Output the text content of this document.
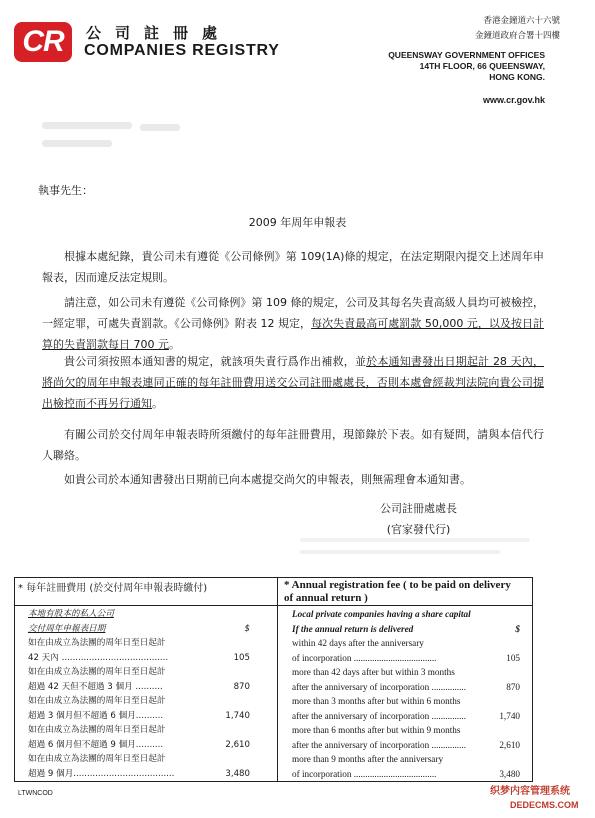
CR	公司註冊處
COMPANIES REGISTRY
香港金鐘道六十六號
金鐘道政府合署十四樓
QUEENSWAY GOVERNMENT OFFICES
14TH FLOOR, 66 QUEENSWAY,
HONG KONG.
www.cr.gov.hk
執事先生：
2009 年周年申報表
根據本處紀錄，貴公司未有遵從《公司條例》第 109(1A)條的規定，在法定期限內提交上述周年申報表，因而違反法定規則。
請注意，如公司未有遵從《公司條例》第 109 條的規定，公司及其每名失責高級人員均可被檢控，一經定罪，可處失責罰款。《公司條例》附表 12 規定，每次失責最高可處罰款 50,000 元，以及按日計算的失責罰款每日 700 元。
貴公司須按照本通知書的規定，就該項失責行爲作出補救，並於本通知書發出日期起計 28 天內，將尚欠的周年申報表連同正確的每年註冊費用送交公司註冊處處長，否則本處會經裁判法院向貴公司提出檢控而不再另行通知。
有關公司於交付周年申報表時所須繳付的每年註冊費用，現節錄於下表。如有疑問，請與本信代行人聯絡。
如貴公司於本通知書發出日期前已向本處提交尚欠的申報表，則無需理會本通知書。
公司註冊處處長
(官家發代行)
* 每年註冊費用 (於交付周年申報表時繳付)	* Annual registration fee ( to be paid on delivery of annual return )
本地有股本的私人公司
交付周年申報表日期	$
如在由成立為法團的周年日至日起計
42 天內 .......................................	105
如在由成立為法團的周年日至日起計
超過 42 天但不超過 3 個月 ..........	870
如在由成立為法團的周年日至日起計
超過 3 個月但不超過 6 個月..........	1,740
如在由成立為法團的周年日至日起計
超過 6 個月但不超過 9 個月..........	2,610
如在由成立為法團的周年日至日起計
超過 9 個月.....................................	3,480
Local private companies having a share capital
If the annual return is delivered	$
within 42 days after the anniversary
of incorporation ....................................	105
more than 42 days after but within 3 months
after the anniversary of incorporation ...............	870
more than 3 months after but within 6 months
after the anniversary of incorporation ...............	1,740
more than 6 months after but within 9 months
after the anniversary of incorporation ...............	2,610
more than 9 months after the anniversary
of incorporation ....................................	3,480
LTWNCOD	织梦内容管理系统
DEDECMS.COM
